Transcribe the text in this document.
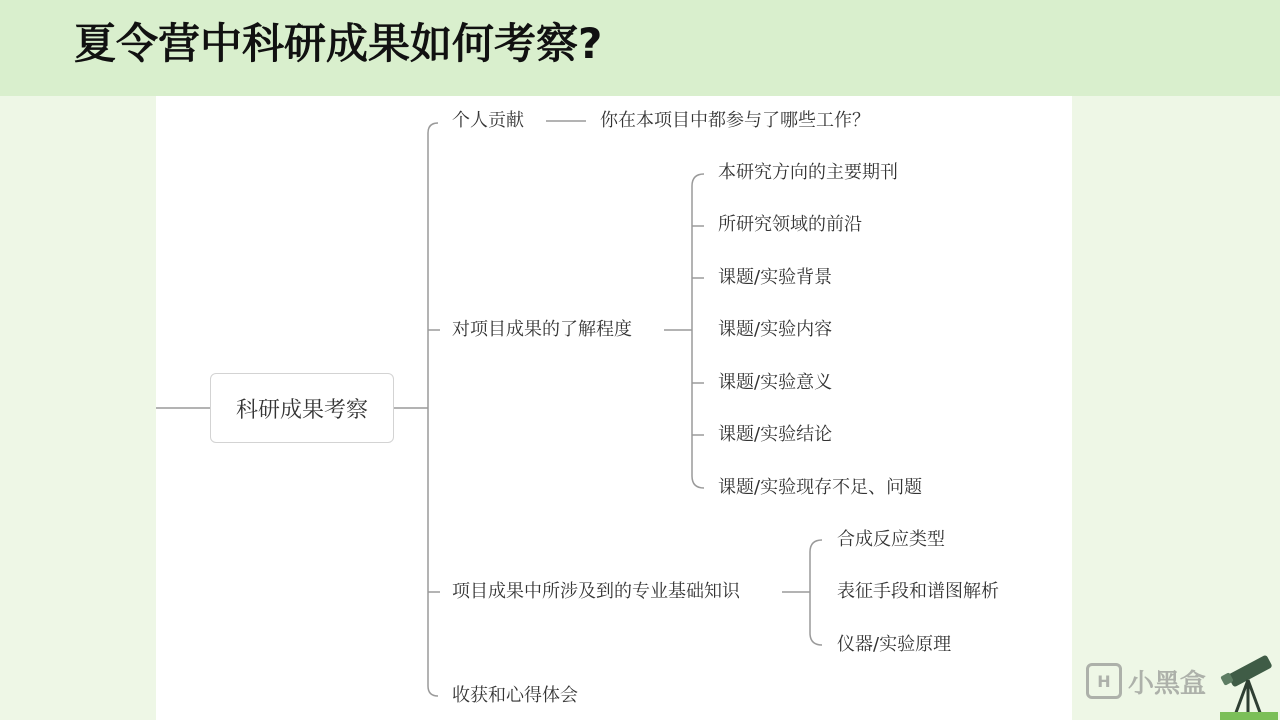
夏令营中科研成果如何考察?
科研成果考察
个人贡献	你在本项目中都参与了哪些工作？
对项目成果的了解程度
本研究方向的主要期刊
所研究领域的前沿
课题/实验背景
课题/实验内容
课题/实验意义
课题/实验结论
课题/实验现存不足、问题
项目成果中所涉及到的专业基础知识
合成反应类型
表征手段和谱图解析
仪器/实验原理
收获和心得体会
H 小黑盒
